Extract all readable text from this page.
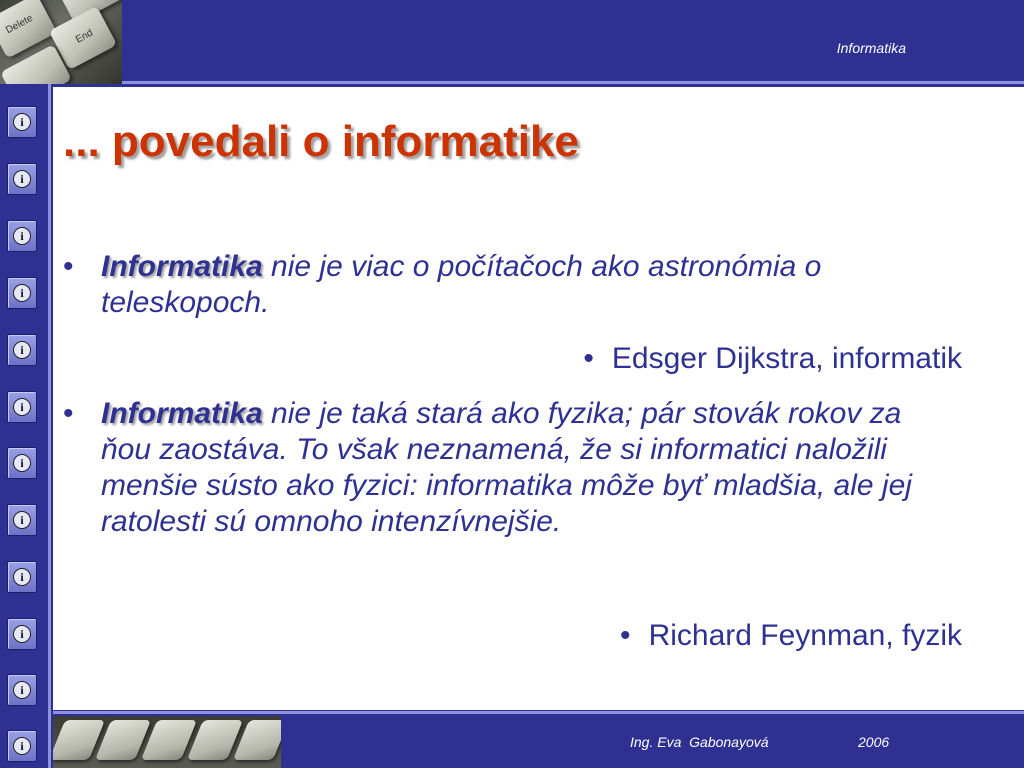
Delete
End
Informatika
i
i
i
i
i
i
i
i
i
i
i
i
... povedali o informatike
• Informatika nie je viac o počítačoch ako astronómia o teleskopoch.
• Edsger Dijkstra, informatik
• Informatika nie je taká stará ako fyzika; pár stovák rokov za ňou zaostáva. To však neznamená, že si informatici naložili menšie sústo ako fyzici: informatika môže byť mladšia, ale jej ratolesti sú omnoho intenzívnejšie.
• Richard Feynman, fyzik
Ing. Eva  Gabonayová	2006
